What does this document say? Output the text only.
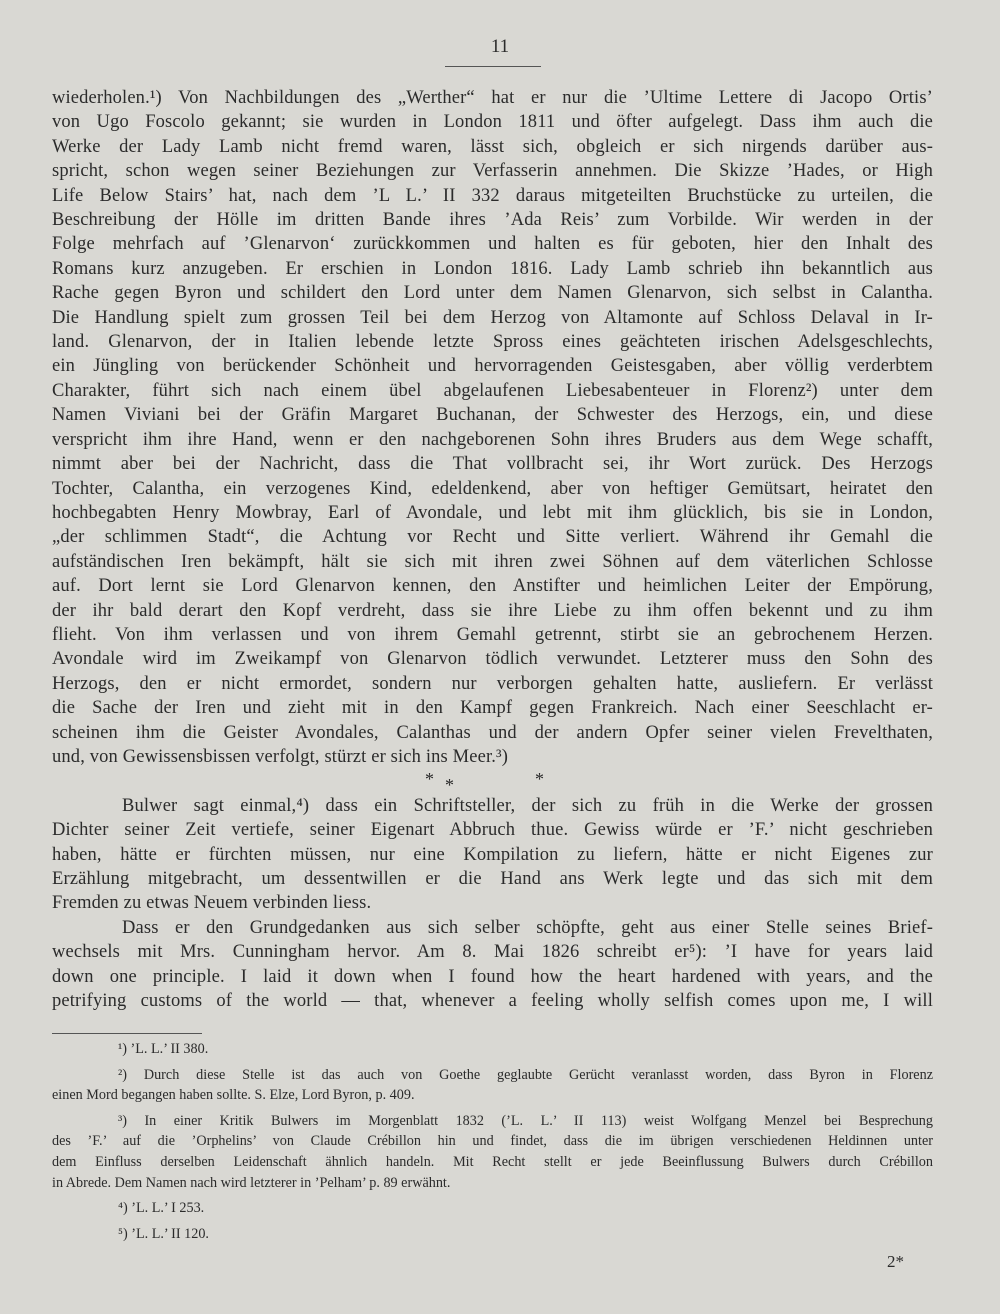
11
wiederholen.¹) Von Nachbildungen des „Werther“ hat er nur die ’Ultime Lettere di Jacopo Ortis’
von Ugo Foscolo gekannt; sie wurden in London 1811 und öfter aufgelegt. Dass ihm auch die
Werke der Lady Lamb nicht fremd waren, lässt sich, obgleich er sich nirgends darüber aus-
spricht, schon wegen seiner Beziehungen zur Verfasserin annehmen. Die Skizze ’Hades, or High
Life Below Stairs’ hat, nach dem ’L L.’ II 332 daraus mitgeteilten Bruchstücke zu urteilen, die
Beschreibung der Hölle im dritten Bande ihres ’Ada Reis’ zum Vorbilde. Wir werden in der
Folge mehrfach auf ’Glenarvon‘ zurückkommen und halten es für geboten, hier den Inhalt des
Romans kurz anzugeben. Er erschien in London 1816. Lady Lamb schrieb ihn bekanntlich aus
Rache gegen Byron und schildert den Lord unter dem Namen Glenarvon, sich selbst in Calantha.
Die Handlung spielt zum grossen Teil bei dem Herzog von Altamonte auf Schloss Delaval in Ir-
land. Glenarvon, der in Italien lebende letzte Spross eines geächteten irischen Adelsgeschlechts,
ein Jüngling von berückender Schönheit und hervorragenden Geistesgaben, aber völlig verderbtem
Charakter, führt sich nach einem übel abgelaufenen Liebesabenteuer in Florenz²) unter dem
Namen Viviani bei der Gräfin Margaret Buchanan, der Schwester des Herzogs, ein, und diese
verspricht ihm ihre Hand, wenn er den nachgeborenen Sohn ihres Bruders aus dem Wege schafft,
nimmt aber bei der Nachricht, dass die That vollbracht sei, ihr Wort zurück. Des Herzogs
Tochter, Calantha, ein verzogenes Kind, edeldenkend, aber von heftiger Gemütsart, heiratet den
hochbegabten Henry Mowbray, Earl of Avondale, und lebt mit ihm glücklich, bis sie in London,
„der schlimmen Stadt“, die Achtung vor Recht und Sitte verliert. Während ihr Gemahl die
aufständischen Iren bekämpft, hält sie sich mit ihren zwei Söhnen auf dem väterlichen Schlosse
auf. Dort lernt sie Lord Glenarvon kennen, den Anstifter und heimlichen Leiter der Empörung,
der ihr bald derart den Kopf verdreht, dass sie ihre Liebe zu ihm offen bekennt und zu ihm
flieht. Von ihm verlassen und von ihrem Gemahl getrennt, stirbt sie an gebrochenem Herzen.
Avondale wird im Zweikampf von Glenarvon tödlich verwundet. Letzterer muss den Sohn des
Herzogs, den er nicht ermordet, sondern nur verborgen gehalten hatte, ausliefern. Er verlässt
die Sache der Iren und zieht mit in den Kampf gegen Frankreich. Nach einer Seeschlacht er-
scheinen ihm die Geister Avondales, Calanthas und der andern Opfer seiner vielen Frevelthaten,
und, von Gewissensbissen verfolgt, stürzt er sich ins Meer.³)
* *	*
Bulwer sagt einmal,⁴) dass ein Schriftsteller, der sich zu früh in die Werke der grossen
Dichter seiner Zeit vertiefe, seiner Eigenart Abbruch thue. Gewiss würde er ’F.’ nicht geschrieben
haben, hätte er fürchten müssen, nur eine Kompilation zu liefern, hätte er nicht Eigenes zur
Erzählung mitgebracht, um dessentwillen er die Hand ans Werk legte und das sich mit dem
Fremden zu etwas Neuem verbinden liess.
Dass er den Grundgedanken aus sich selber schöpfte, geht aus einer Stelle seines Brief-
wechsels mit Mrs. Cunningham hervor. Am 8. Mai 1826 schreibt er⁵): ’I have for years laid
down one principle. I laid it down when I found how the heart hardened with years, and the
petrifying customs of the world — that, whenever a feeling wholly selfish comes upon me, I will
¹) ’L. L.’ II 380.
²) Durch diese Stelle ist das auch von Goethe geglaubte Gerücht veranlasst worden, dass Byron in Florenz
einen Mord begangen haben sollte. S. Elze, Lord Byron, p. 409.
³) In einer Kritik Bulwers im Morgenblatt 1832 (’L. L.’ II 113) weist Wolfgang Menzel bei Besprechung
des ’F.’ auf die ’Orphelins’ von Claude Crébillon hin und findet, dass die im übrigen verschiedenen Heldinnen unter
dem Einfluss derselben Leidenschaft ähnlich handeln. Mit Recht stellt er jede Beeinflussung Bulwers durch Crébillon
in Abrede. Dem Namen nach wird letzterer in ’Pelham’ p. 89 erwähnt.
⁴) ’L. L.’ I 253.
⁵) ’L. L.’ II 120.
2*
